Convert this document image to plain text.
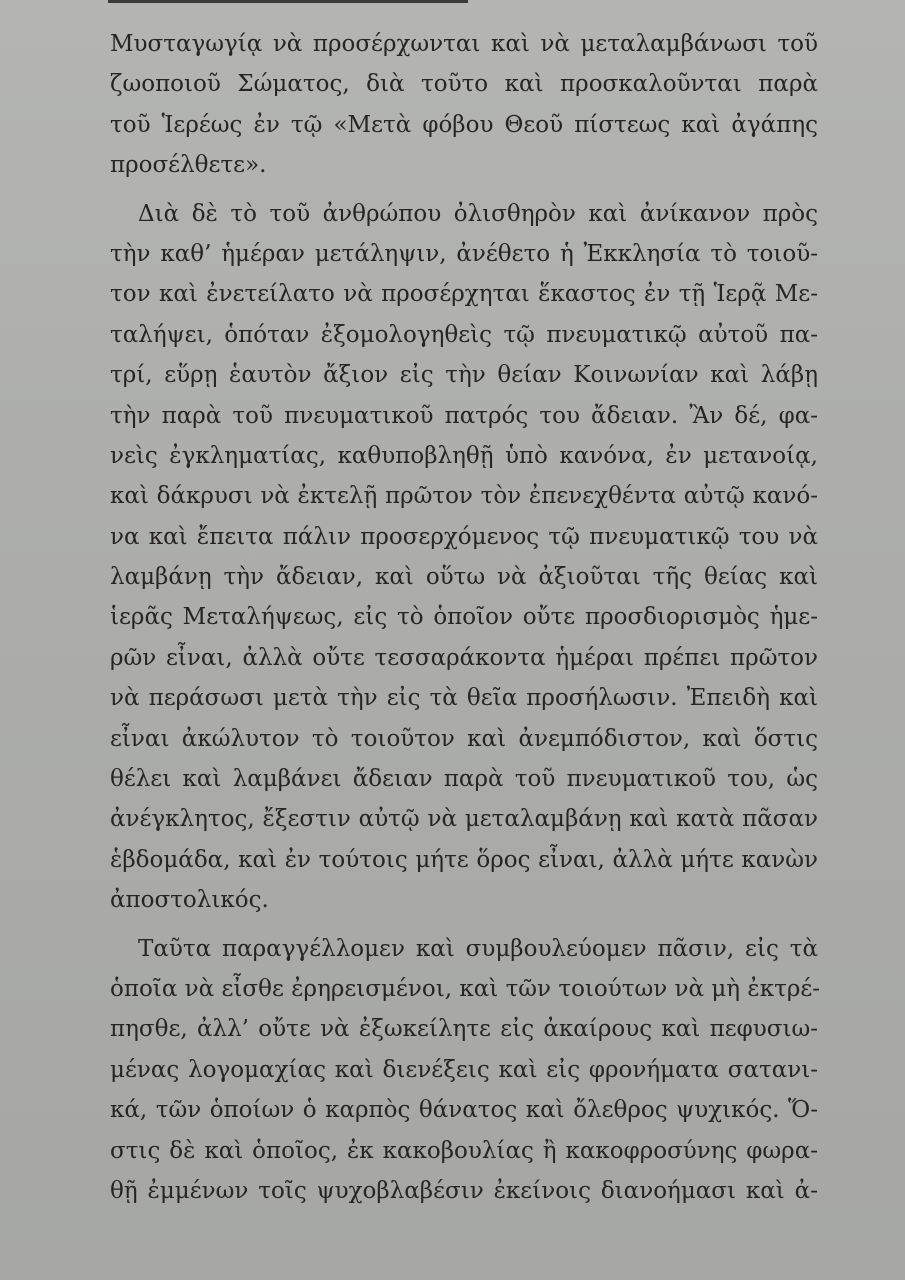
Μυσταγωγίᾳ νὰ προσέρχωνται καὶ νὰ μεταλαμβάνωσι τοῦ
ζωοποιοῦ Σώματος, διὰ τοῦτο καὶ προσκαλοῦνται παρὰ
τοῦ Ἱερέως ἐν τῷ «Μετὰ φόβου Θεοῦ πίστεως καὶ ἀγάπης
προσέλθετε».
Διὰ δὲ τὸ τοῦ ἀνθρώπου ὀλισθηρὸν καὶ ἀνίκανον πρὸς
τὴν καθ’ ἡμέραν μετάληψιν, ἀνέθετο ἡ Ἐκκλησία τὸ τοιοῦ-
τον καὶ ἐνετείλατο νὰ προσέρχηται ἕκαστος ἐν τῇ Ἱερᾷ Με-
ταλήψει, ὁπόταν ἐξομολογηθεὶς τῷ πνευματικῷ αὐτοῦ πα-
τρί, εὕρῃ ἑαυτὸν ἄξιον εἰς τὴν θείαν Κοινωνίαν καὶ λάβῃ
τὴν παρὰ τοῦ πνευματικοῦ πατρός του ἄδειαν. Ἂν δέ, φα-
νεὶς ἐγκληματίας, καθυποβληθῇ ὑπὸ κανόνα, ἐν μετανοίᾳ,
καὶ δάκρυσι νὰ ἐκτελῇ πρῶτον τὸν ἐπενεχθέντα αὐτῷ κανό-
να καὶ ἔπειτα πάλιν προσερχόμενος τῷ πνευματικῷ του νὰ
λαμβάνῃ τὴν ἄδειαν, καὶ οὕτω νὰ ἀξιοῦται τῆς θείας καὶ
ἱερᾶς Μεταλήψεως, εἰς τὸ ὁποῖον οὔτε προσδιορισμὸς ἡμε-
ρῶν εἶναι, ἀλλὰ οὔτε τεσσαράκοντα ἡμέραι πρέπει πρῶτον
νὰ περάσωσι μετὰ τὴν εἰς τὰ θεῖα προσήλωσιν. Ἐπειδὴ καὶ
εἶναι ἀκώλυτον τὸ τοιοῦτον καὶ ἀνεμπόδιστον, καὶ ὅστις
θέλει καὶ λαμβάνει ἄδειαν παρὰ τοῦ πνευματικοῦ του, ὡς
ἀνέγκλητος, ἔξεστιν αὐτῷ νὰ μεταλαμβάνῃ καὶ κατὰ πᾶσαν
ἑβδομάδα, καὶ ἐν τούτοις μήτε ὅρος εἶναι, ἀλλὰ μήτε κανὼν
ἀποστολικός.
Ταῦτα παραγγέλλομεν καὶ συμβουλεύομεν πᾶσιν, εἰς τὰ
ὁποῖα νὰ εἶσθε ἐρηρεισμένοι, καὶ τῶν τοιούτων νὰ μὴ ἐκτρέ-
πησθε, ἀλλ’ οὔτε νὰ ἐξωκείλητε εἰς ἀκαίρους καὶ πεφυσιω-
μένας λογομαχίας καὶ διενέξεις καὶ εἰς φρονήματα σατανι-
κά, τῶν ὁποίων ὁ καρπὸς θάνατος καὶ ὄλεθρος ψυχικός. Ὅ-
στις δὲ καὶ ὁποῖος, ἐκ κακοβουλίας ἢ κακοφροσύνης φωρα-
θῇ ἐμμένων τοῖς ψυχοβλαβέσιν ἐκείνοις διανοήμασι καὶ ἀ-
